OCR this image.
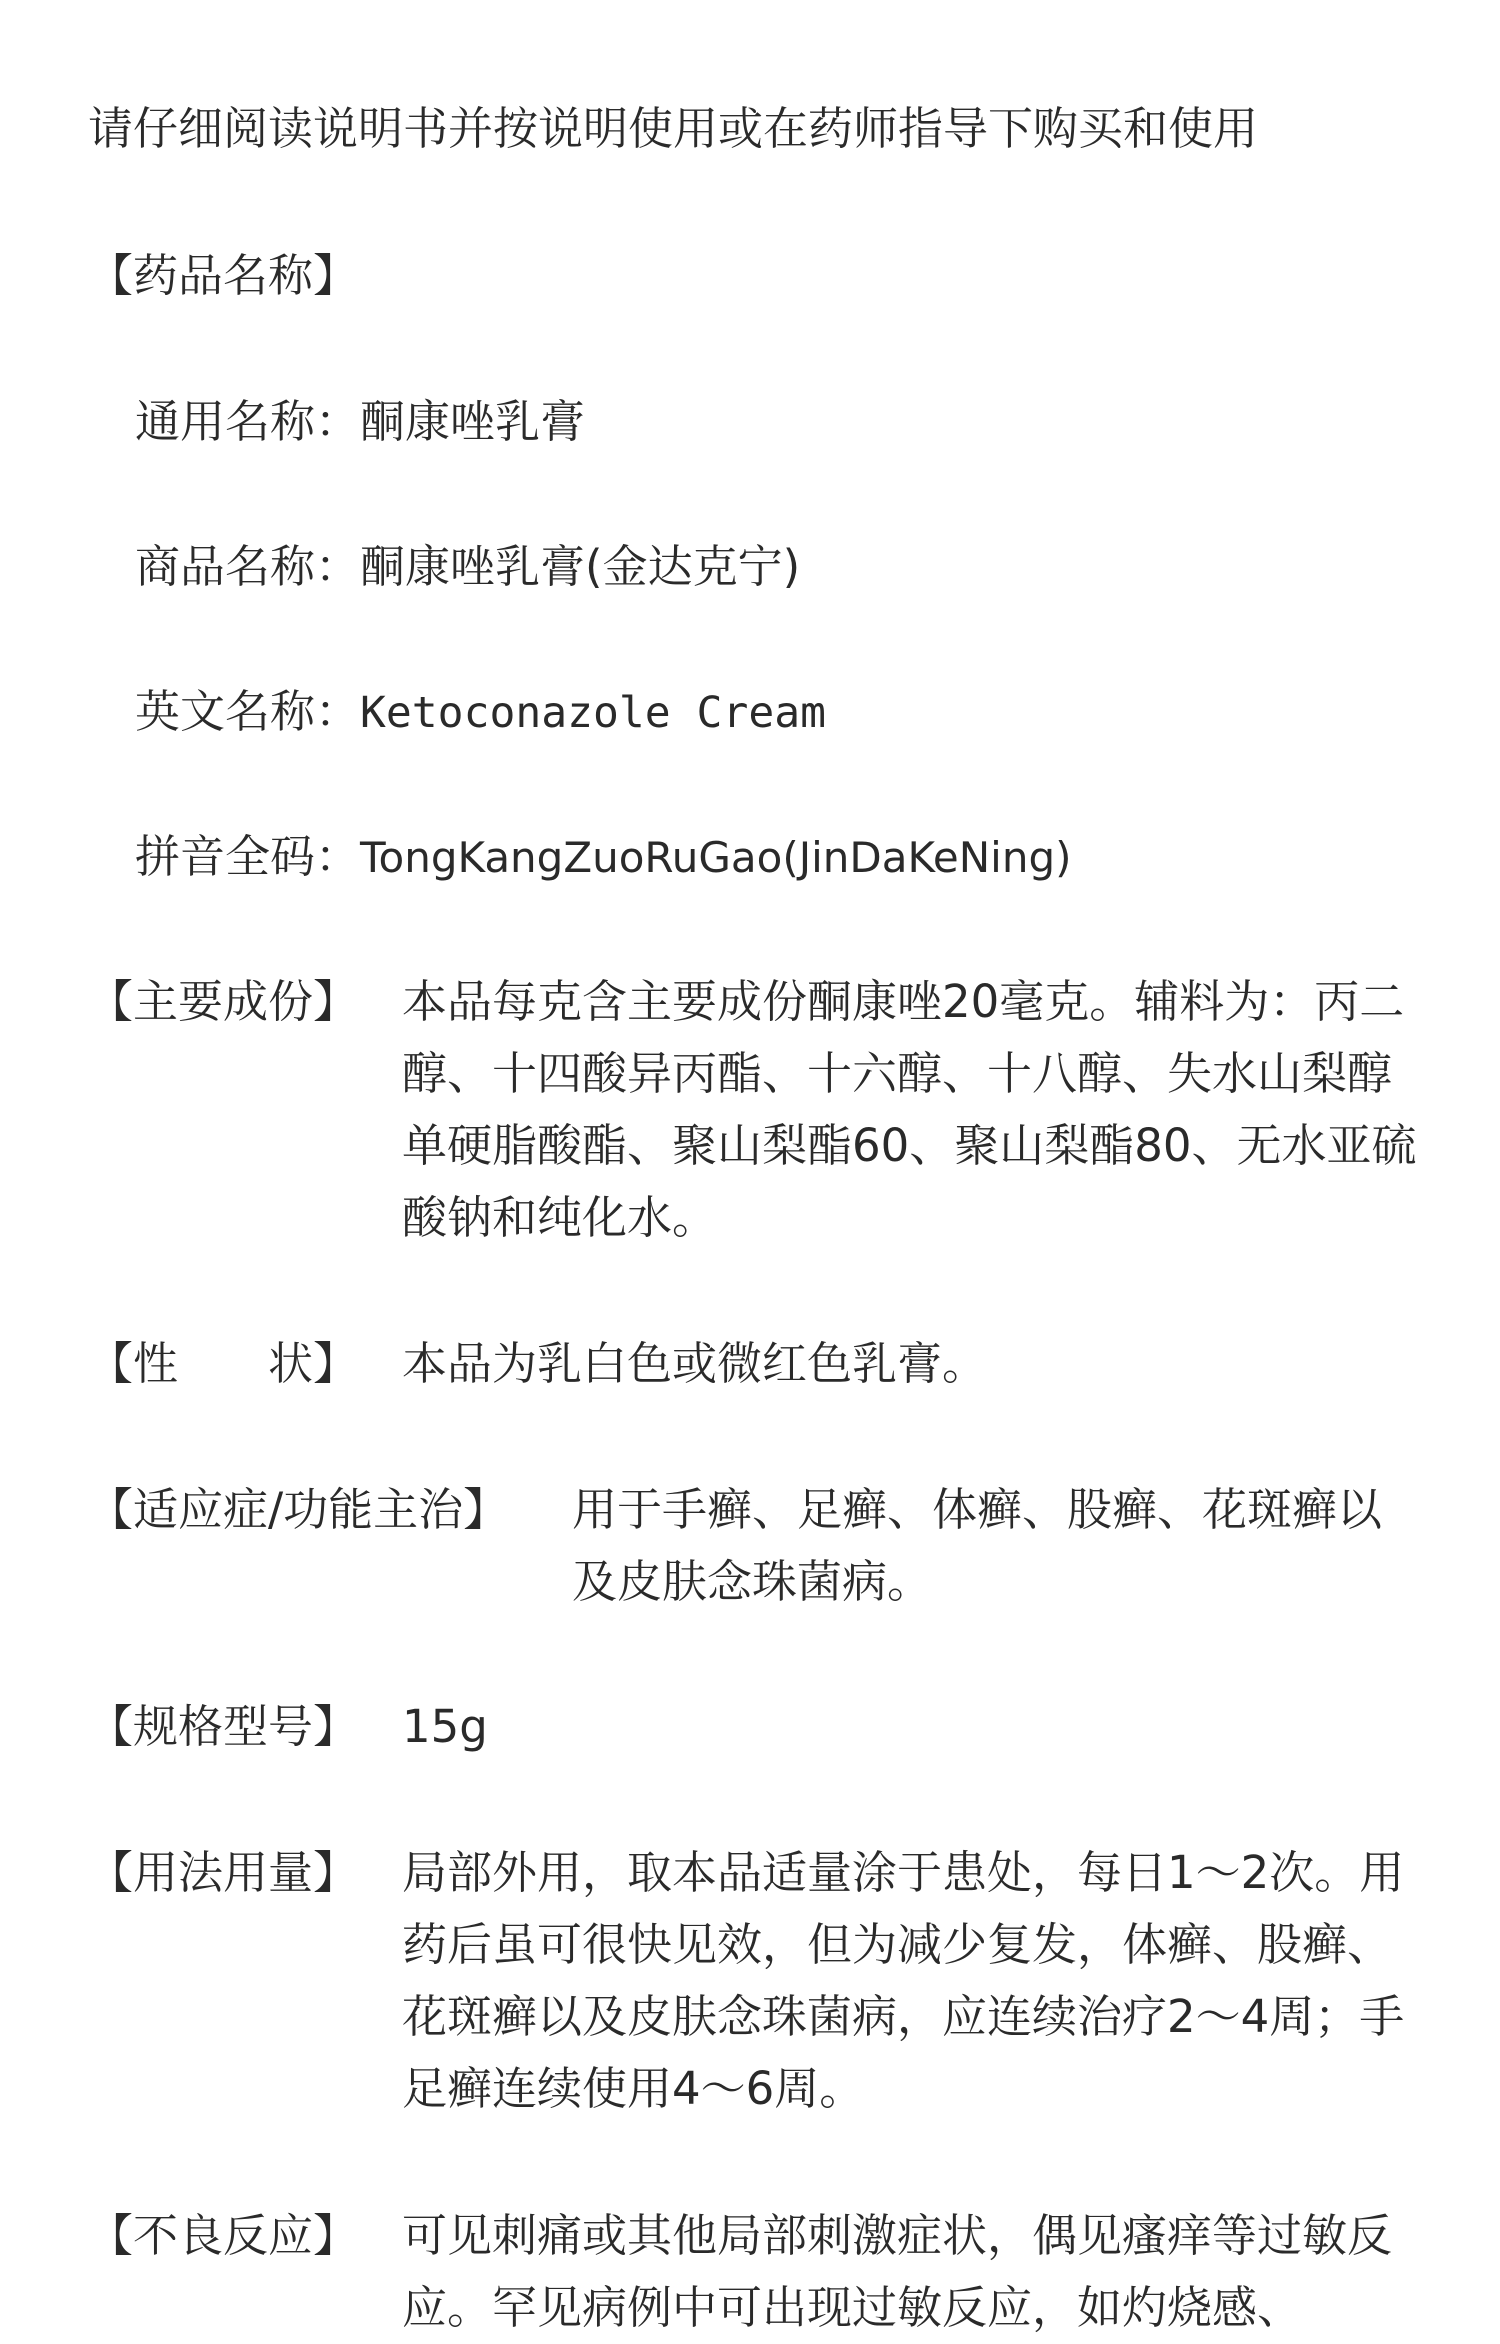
请仔细阅读说明书并按说明使用或在药师指导下购买和使用
【药品名称】
通用名称：酮康唑乳膏
商品名称：酮康唑乳膏(金达克宁)
英文名称：Ketoconazole Cream
拼音全码：TongKangZuoRuGao(JinDaKeNing)
【主要成份】 本品每克含主要成份酮康唑20毫克。辅料为：丙二醇、十四酸异丙酯、十六醇、十八醇、失水山梨醇单硬脂酸酯、聚山梨酯60、聚山梨酯80、无水亚硫酸钠和纯化水。
【性　　状】 本品为乳白色或微红色乳膏。
【适应症/功能主治】 用于手癣、足癣、体癣、股癣、花斑癣以及皮肤念珠菌病。
【规格型号】 15g
【用法用量】 局部外用，取本品适量涂于患处，每日1～2次。用药后虽可很快见效，但为减少复发，体癣、股癣、花斑癣以及皮肤念珠菌病，应连续治疗2～4周；手足癣连续使用4～6周。
【不良反应】 可见刺痛或其他局部刺激症状，偶见瘙痒等过敏反应。罕见病例中可出现过敏反应，如灼烧感、
